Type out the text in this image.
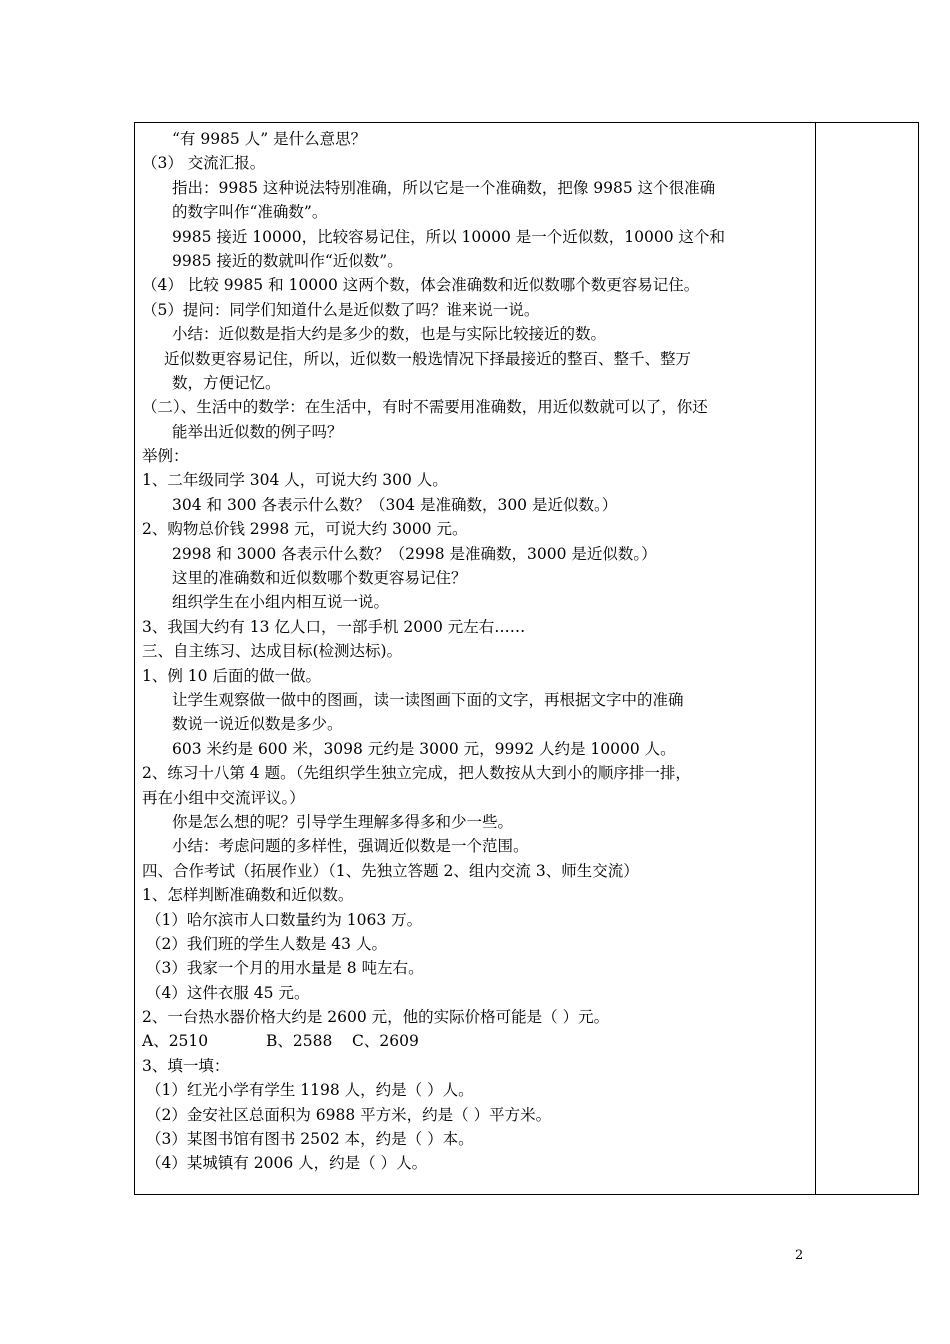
“有 9985 人” 是什么意思？
（3） 交流汇报。
指出：9985 这种说法特别准确，所以它是一个准确数，把像 9985 这个很准确
的数字叫作“准确数”。
9985 接近 10000，比较容易记住，所以 10000 是一个近似数，10000 这个和
9985 接近的数就叫作“近似数”。
（4） 比较 9985 和 10000 这两个数，体会准确数和近似数哪个数更容易记住。
（5）提问：同学们知道什么是近似数了吗？谁来说一说。
小结：近似数是指大约是多少的数，也是与实际比较接近的数。
近似数更容易记住，所以，近似数一般选情况下择最接近的整百、整千、整万
数，方便记忆。
（二）、生活中的数学：在生活中，有时不需要用准确数，用近似数就可以了，你还
能举出近似数的例子吗？
举例：
1、二年级同学 304 人，可说大约 300 人。
304 和 300 各表示什么数？（304 是准确数，300 是近似数。）
2、购物总价钱 2998 元，可说大约 3000 元。
2998 和 3000 各表示什么数？（2998 是准确数，3000 是近似数。）
这里的准确数和近似数哪个数更容易记住？
组织学生在小组内相互说一说。
3、我国大约有 13 亿人口，一部手机 2000 元左右……
三、自主练习、达成目标(检测达标)。
1、例 10 后面的做一做。
让学生观察做一做中的图画，读一读图画下面的文字，再根据文字中的准确
数说一说近似数是多少。
603 米约是 600 米，3098 元约是 3000 元，9992 人约是 10000 人。
2、练习十八第 4 题。（先组织学生独立完成，把人数按从大到小的顺序排一排，
再在小组中交流评议。）
你是怎么想的呢？引导学生理解多得多和少一些。
小结：考虑问题的多样性，强调近似数是一个范围。
四、合作考试（拓展作业）（1、先独立答题 2、组内交流 3、师生交流）
1、怎样判断准确数和近似数。
（1）哈尔滨市人口数量约为 1063 万。
（2）我们班的学生人数是 43 人。
（3）我家一个月的用水量是 8 吨左右。
（4）这件衣服 45 元。
2、一台热水器价格大约是 2600 元，他的实际价格可能是（ ）元。
A、2510	B、2588 C、2609
3、填一填：
（1）红光小学有学生 1198 人，约是（ ）人。
（2）金安社区总面积为 6988 平方米，约是（ ）平方米。
（3）某图书馆有图书 2502 本，约是（ ）本。
（4）某城镇有 2006 人，约是（ ）人。
2
